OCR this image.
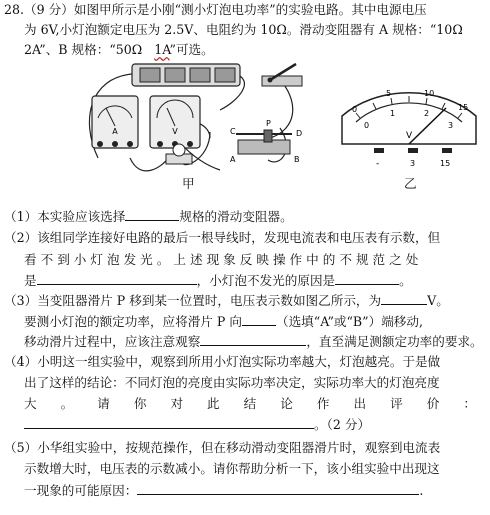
28.（9 分）如图甲所示是小刚“测小灯泡电功率”的实验电路。其中电源电压
为 6V,小灯泡额定电压为 2.5V、电阻约为 10Ω。滑动变阻器有 A 规格：“10Ω
2A”、B 规格：“50Ω 1A”可选。
A	V	C
P
D
A	B
甲
0
5	10
15
0
1	2
3
V
-	3	15
乙
（1）本实验应该选择	规格的滑动变阻器。
（2）该组同学连接好电路的最后一根导线时，发现电流表和电压表有示数，但
看 不 到 小 灯 泡 发 光 。 上 述 现 象 反 映 操 作 中 的 不 规 范 之 处
是	，小灯泡不发光的原因是	。
（3）当变阻器滑片 P 移到某一位置时，电压表示数如图乙所示，为	V。
要测小灯泡的额定功率，应将滑片 P 向	（选填“A”或“B”）端移动,
移动滑片过程中，应该注意观察	，直至满足测额定功率的要求。
（4）小明这一组实验中，观察到所用小灯泡实际功率越大，灯泡越亮。于是做
出了这样的结论：不同灯泡的亮度由实际功率决定，实际功率大的灯泡亮度
大 。 请 你 对 此 结 论 作 出 评 价 ：
。（2 分）
（5）小华组实验中，按规范操作，但在移动滑动变阻器滑片时，观察到电流表
示数增大时，电压表的示数减小。请你帮助分析一下，该小组实验中出现这
一现象的可能原因：	.
